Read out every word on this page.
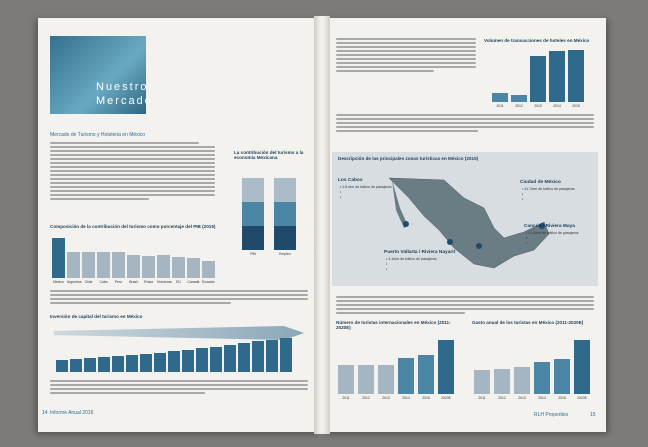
Nuestro
Mercado
Mercado de Turismo y Hoteleria en México
La contribución del turismo a la economía Mexicana
PIB	Empleo
Composición de la contribución del turismo como porcentaje del PIB (2015)
Mexico Argentina Chile	Cuba	Perú	Brasil	Rusia	Honduras	EU	Canadá Ecuador
Inversión de capital del turismo en México
Informe Anual 2016
14
Volumen de transacciones de hoteles en México
2011	2012	2013	2014	2015
Descripción de las principales zonas turísticas en México (2015)
Los Cabos
• 1.8 mm de tráfico de pasajeros
•
•
Ciudad de México
• 41.7mm de tráfico de pasajeros
•
•
Cancún / Riviera Maya
• 21.4mm de tráfico de pasajeros
•
•
Puerto Vallarta / Riviera Nayarit
• 4.1mm de tráfico de pasajeros
•
•
Número de turistas internacionales en México (2011-2020E)
2011	2012	2013	2014	2015	2020E
Gasto anual de los turistas en México (2011-2020E)
2011	2012	2013	2014	2015	2020E
RLH Properties	15
